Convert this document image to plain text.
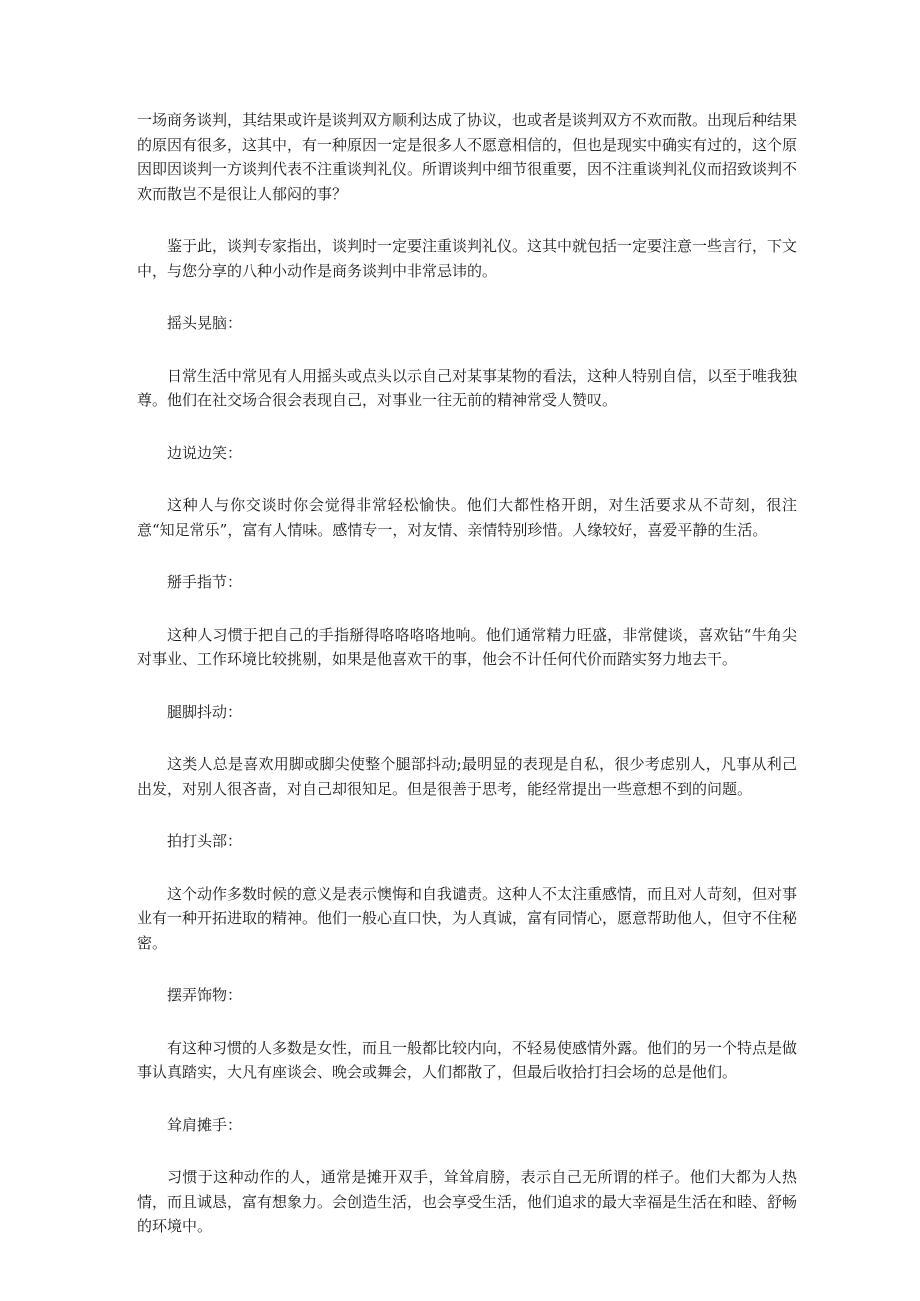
一场商务谈判，其结果或许是谈判双方顺利达成了协议，也或者是谈判双方不欢而散。出现后种结果的原因有很多，这其中，有一种原因一定是很多人不愿意相信的，但也是现实中确实有过的，这个原因即因谈判一方谈判代表不注重谈判礼仪。所谓谈判中细节很重要，因不注重谈判礼仪而招致谈判不欢而散岂不是很让人郁闷的事？

鉴于此，谈判专家指出，谈判时一定要注重谈判礼仪。这其中就包括一定要注意一些言行，下文中，与您分享的八种小动作是商务谈判中非常忌讳的。

摇头晃脑：

日常生活中常见有人用摇头或点头以示自己对某事某物的看法，这种人特别自信，以至于唯我独尊。他们在社交场合很会表现自己，对事业一往无前的精神常受人赞叹。

边说边笑：

这种人与你交谈时你会觉得非常轻松愉快。他们大都性格开朗，对生活要求从不苛刻，很注意“知足常乐”，富有人情味。感情专一，对友情、亲情特别珍惜。人缘较好，喜爱平静的生活。

掰手指节：

这种人习惯于把自己的手指掰得咯咯咯咯地响。他们通常精力旺盛，非常健谈，喜欢钻“牛角尖对事业、工作环境比较挑剔，如果是他喜欢干的事，他会不计任何代价而踏实努力地去干。

腿脚抖动：

这类人总是喜欢用脚或脚尖使整个腿部抖动;最明显的表现是自私，很少考虑别人，凡事从利己出发，对别人很吝啬，对自己却很知足。但是很善于思考，能经常提出一些意想不到的问题。

拍打头部：

这个动作多数时候的意义是表示懊悔和自我谴责。这种人不太注重感情，而且对人苛刻，但对事业有一种开拓进取的精神。他们一般心直口快，为人真诚，富有同情心，愿意帮助他人，但守不住秘密。

摆弄饰物：

有这种习惯的人多数是女性，而且一般都比较内向，不轻易使感情外露。他们的另一个特点是做事认真踏实，大凡有座谈会、晚会或舞会，人们都散了，但最后收拾打扫会场的总是他们。

耸肩摊手：

习惯于这种动作的人，通常是摊开双手，耸耸肩膀，表示自己无所谓的样子。他们大都为人热情，而且诚恳，富有想象力。会创造生活，也会享受生活，他们追求的最大幸福是生活在和睦、舒畅的环境中。
